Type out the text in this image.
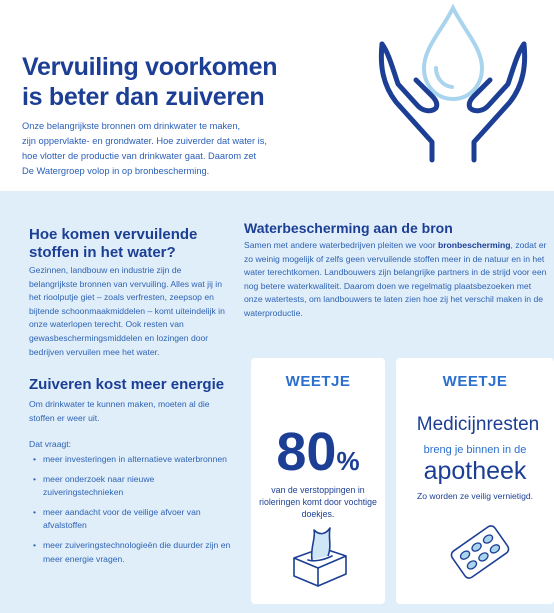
Vervuiling voorkomen
is beter dan zuiveren
Onze belangrijkste bronnen om drinkwater te maken,
zijn oppervlakte- en grondwater. Hoe zuiverder dat water is,
hoe vlotter de productie van drinkwater gaat. Daarom zet
De Watergroep volop in op bronbescherming.
Hoe komen vervuilende stoffen in het water?
Gezinnen, landbouw en industrie zijn de belangrijkste bronnen van vervuiling. Alles wat jij in het rioolputje giet – zoals verfresten, zeepsop en bijtende schoonmaakmiddelen – komt uiteindelijk in onze waterlopen terecht. Ook resten van gewasbeschermingsmiddelen en lozingen door bedrijven vervuilen mee het water.
Waterbescherming aan de bron
Samen met andere waterbedrijven pleiten we voor bronbescherming, zodat er zo weinig mogelijk of zelfs geen vervuilende stoffen meer in de natuur en in het water terechtkomen. Landbouwers zijn belangrijke partners in de strijd voor een nog betere waterkwaliteit. Daarom doen we regelmatig plaatsbezoeken met onze watertests, om landbouwers te laten zien hoe zij het verschil maken in de waterproductie.
Zuiveren kost meer energie
Om drinkwater te kunnen maken, moeten al die stoffen er weer uit.
Dat vraagt:
• meer investeringen in alternatieve waterbronnen
• meer onderzoek naar nieuwe zuiveringstechnieken
• meer aandacht voor de veilige afvoer van afvalstoffen
• meer zuiveringstechnologieën die duurder zijn en meer energie vragen.
WEETJE
80%
van de verstoppingen in rioleringen komt door vochtige doekjes.
WEETJE
Medicijnresten
breng je binnen in de
apotheek
Zo worden ze veilig vernietigd.
